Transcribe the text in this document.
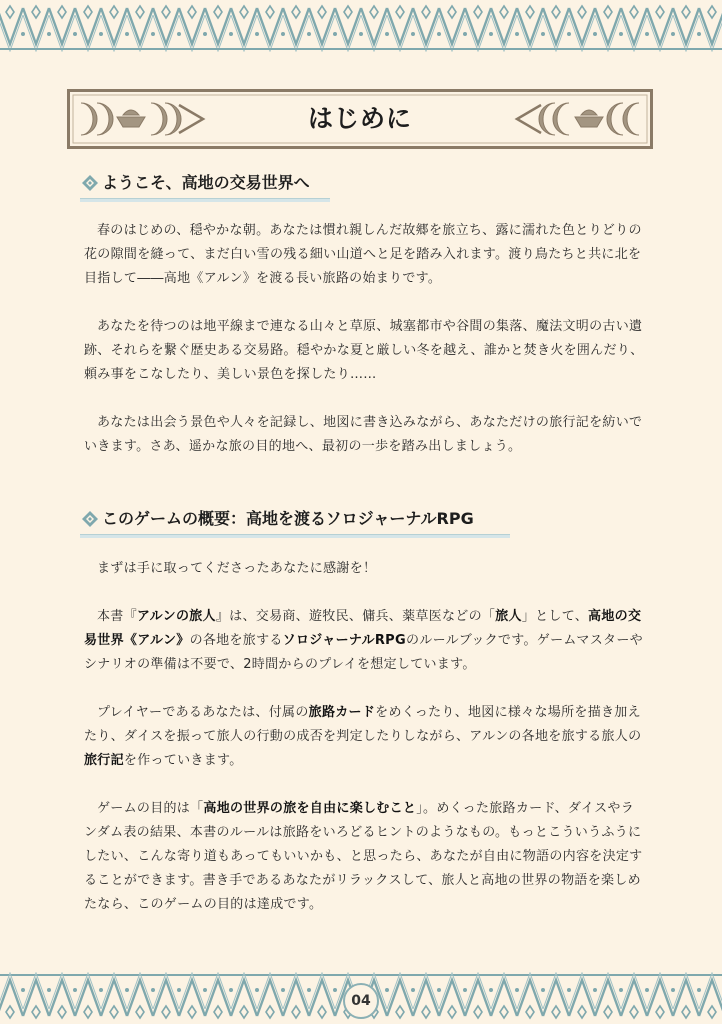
はじめに
ようこそ、高地の交易世界へ

春のはじめの、穏やかな朝。あなたは慣れ親しんだ故郷を旅立ち、露に濡れた色とりどりの花の隙間を縫って、まだ白い雪の残る細い山道へと足を踏み入れます。渡り鳥たちと共に北を目指して――高地《アルン》を渡る長い旅路の始まりです。

あなたを待つのは地平線まで連なる山々と草原、城塞都市や谷間の集落、魔法文明の古い遺跡、それらを繋ぐ歴史ある交易路。穏やかな夏と厳しい冬を越え、誰かと焚き火を囲んだり、頼み事をこなしたり、美しい景色を探したり……

あなたは出会う景色や人々を記録し、地図に書き込みながら、あなただけの旅行記を紡いでいきます。さあ、遥かな旅の目的地へ、最初の一歩を踏み出しましょう。

このゲームの概要：高地を渡るソロジャーナルRPG

まずは手に取ってくださったあなたに感謝を！

本書『アルンの旅人』は、交易商、遊牧民、傭兵、薬草医などの「旅人」として、高地の交易世界《アルン》の各地を旅するソロジャーナルRPGのルールブックです。ゲームマスターやシナリオの準備は不要で、2時間からのプレイを想定しています。

プレイヤーであるあなたは、付属の旅路カードをめくったり、地図に様々な場所を描き加えたり、ダイスを振って旅人の行動の成否を判定したりしながら、アルンの各地を旅する旅人の旅行記を作っていきます。

ゲームの目的は「高地の世界の旅を自由に楽しむこと」。めくった旅路カード、ダイスやランダム表の結果、本書のルールは旅路をいろどるヒントのようなもの。もっとこういうふうにしたい、こんな寄り道もあってもいいかも、と思ったら、あなたが自由に物語の内容を決定することができます。書き手であるあなたがリラックスして、旅人と高地の世界の物語を楽しめたなら、このゲームの目的は達成です。

04
